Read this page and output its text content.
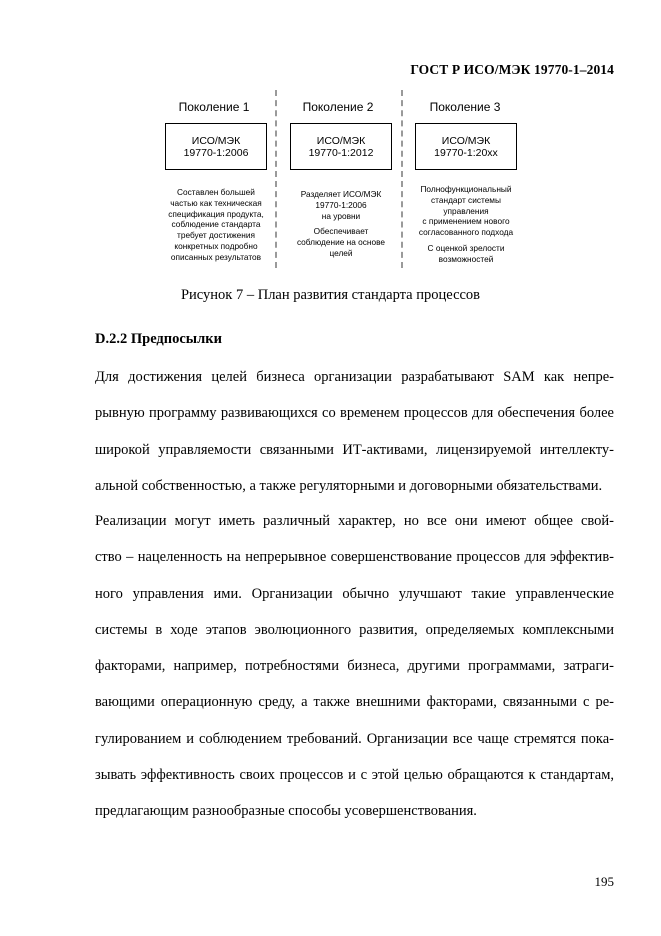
ГОСТ Р ИСО/МЭК 19770-1–2014
Поколение 1
ИСО/МЭК
19770-1:2006

Составлен большей
частью как техническая
спецификация продукта,
соблюдение стандарта
требует достижения
конкретных подробно
описанных результатов

Поколение 2
ИСО/МЭК
19770-1:2012

Разделяет ИСО/МЭК
19770-1:2006
на уровни

Обеспечивает
соблюдение на основе
целей

Поколение 3
ИСО/МЭК
19770-1:20xx

Полнофункциональный
стандарт системы
управления
с применением нового
согласованного подхода

С оценкой зрелости
возможностей

Рисунок 7 – План развития стандарта процессов
D.2.2 Предпосылки
Для достижения целей бизнеса организации разрабатывают SAM как непре-
рывную программу развивающихся со временем процессов для обеспечения более
широкой управляемости связанными ИТ-активами, лицензируемой интеллекту-
альной собственностью, а также регуляторными и договорными обязательствами.
Реализации могут иметь различный характер, но все они имеют общее свой-
ство – нацеленность на непрерывное совершенствование процессов для эффектив-
ного управления ими. Организации обычно улучшают такие управленческие
системы в ходе этапов эволюционного развития, определяемых комплексными
факторами, например, потребностями бизнеса, другими программами, затраги-
вающими операционную среду, а также внешними факторами, связанными с ре-
гулированием и соблюдением требований. Организации все чаще стремятся пока-
зывать эффективность своих процессов и с этой целью обращаются к стандартам,
предлагающим разнообразные способы усовершенствования.
195
